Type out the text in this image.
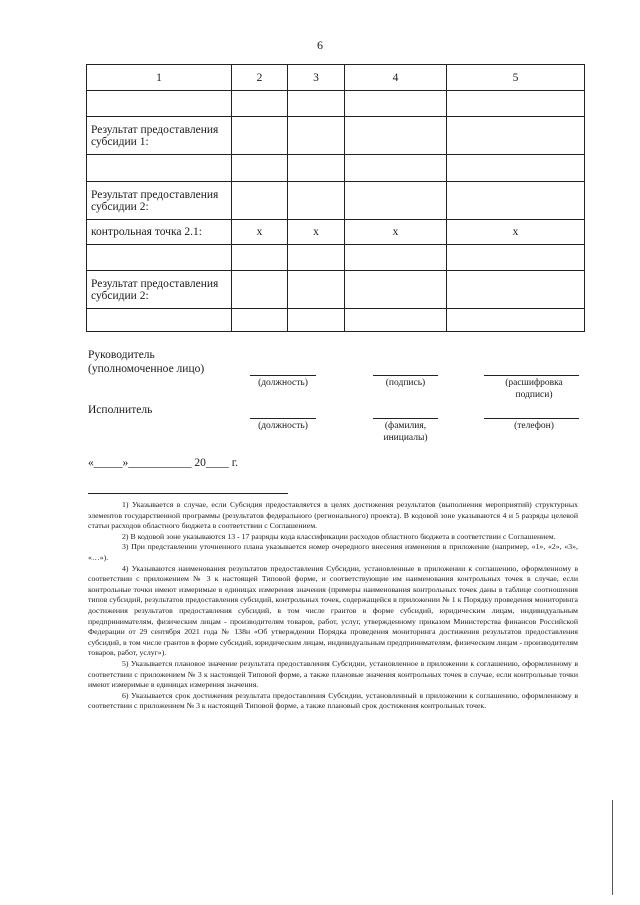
6
1	2	3	4	5

Результат предоставления субсидии 1:				

Результат предоставления субсидии 2:				
контрольная точка 2.1:	x	x	x	x

Результат предоставления субсидии 2:				

Руководитель
(уполномоченное лицо)
(должность)	(подпись)	(расшифровка подписи)
Исполнитель
(должность)	(фамилия, инициалы)
(телефон)
«_____»___________ 20____ г.

1) Указывается в случае, если Субсидия предоставляется в целях достижения результатов (выполнения мероприятий) структурных элементов государственной программы (результатов федерального (регионального) проекта). В кодовой зоне указываются 4 и 5 разряды целевой статьи расходов областного бюджета в соответствии с Соглашением.

2) В кодовой зоне указываются 13 - 17 разряды кода классификации расходов областного бюджета в соответствии с Соглашением.

3) При представлении уточненного плана указывается номер очередного внесения изменения в приложение (например, «1», «2», «3», «…»).

4) Указываются наименования результатов предоставления Субсидии, установленные в приложении к соглашению, оформленному в соответствии с приложением № 3 к настоящей Типовой форме, и соответствующие им наименования контрольных точек в случае, если контрольные точки имеют измеримые в единицах измерения значения (примеры наименования контрольных точек даны в таблице соотношения типов субсидий, результатов предоставления субсидий, контрольных точек, содержащейся в приложении № 1 к Порядку проведения мониторинга достижения результатов предоставления субсидий, в том числе грантов в форме субсидий, юридическим лицам, индивидуальным предпринимателям, физическим лицам - производителям товаров, работ, услуг, утвержденному приказом Министерства финансов Российской Федерации от 29 сентября 2021 года № 138н «Об утверждении Порядка проведения мониторинга достижения результатов предоставления субсидий, в том числе грантов в форме субсидий, юридическим лицам, индивидуальным предпринимателям, физическим лицам - производителям товаров, работ, услуг»).

5) Указывается плановое значение результата предоставления Субсидии, установленное в приложении к соглашению, оформленному в соответствии с приложением № 3 к настоящей Типовой форме, а также плановые значения контрольных точек в случае, если контрольные точки имеют измеримые в единицах измерения значения.

6) Указывается срок достижения результата предоставления Субсидии, установленный в приложении к соглашению, оформленному в соответствии с приложением № 3 к настоящей Типовой форме, а также плановый срок достижения контрольных точек.
